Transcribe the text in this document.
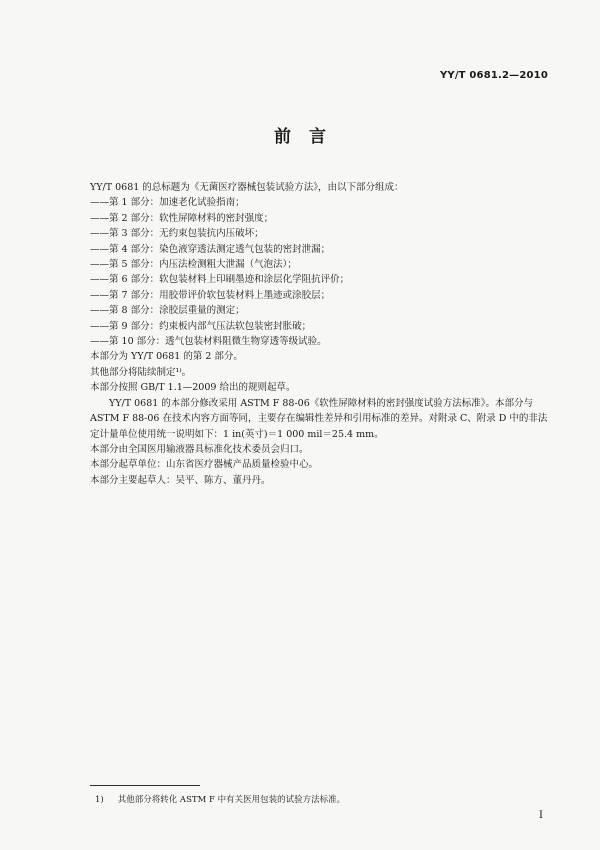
YY/T 0681.2—2010
前言

YY/T 0681 的总标题为《无菌医疗器械包装试验方法》，由以下部分组成：

——第 1 部分：加速老化试验指南；

——第 2 部分：软性屏障材料的密封强度；

——第 3 部分：无约束包装抗内压破坏；

——第 4 部分：染色液穿透法测定透气包装的密封泄漏；

——第 5 部分：内压法检测粗大泄漏（气泡法）；

——第 6 部分：软包装材料上印刷墨迹和涂层化学阻抗评价；

——第 7 部分：用胶带评价软包装材料上墨迹或涂胶层；

——第 8 部分：涂胶层重量的测定；

——第 9 部分：约束板内部气压法软包装密封胀破；

——第 10 部分：透气包装材料阻微生物穿透等级试验。

本部分为 YY/T 0681 的第 2 部分。

其他部分将陆续制定¹⁾。

本部分按照 GB/T 1.1—2009 给出的规则起草。

YY/T 0681 的本部分修改采用 ASTM F 88-06《软性屏障材料的密封强度试验方法标准》。本部分与 ASTM F 88-06 在技术内容方面等同，主要存在编辑性差异和引用标准的差异。对附录 C、附录 D 中的非法定计量单位使用统一说明如下：1 in(英寸)＝1 000 mil＝25.4 mm。

本部分由全国医用输液器具标准化技术委员会归口。

本部分起草单位：山东省医疗器械产品质量检验中心。

本部分主要起草人：吴平、陈方、董丹丹。

1) 其他部分将转化 ASTM F 中有关医用包装的试验方法标准。
I
